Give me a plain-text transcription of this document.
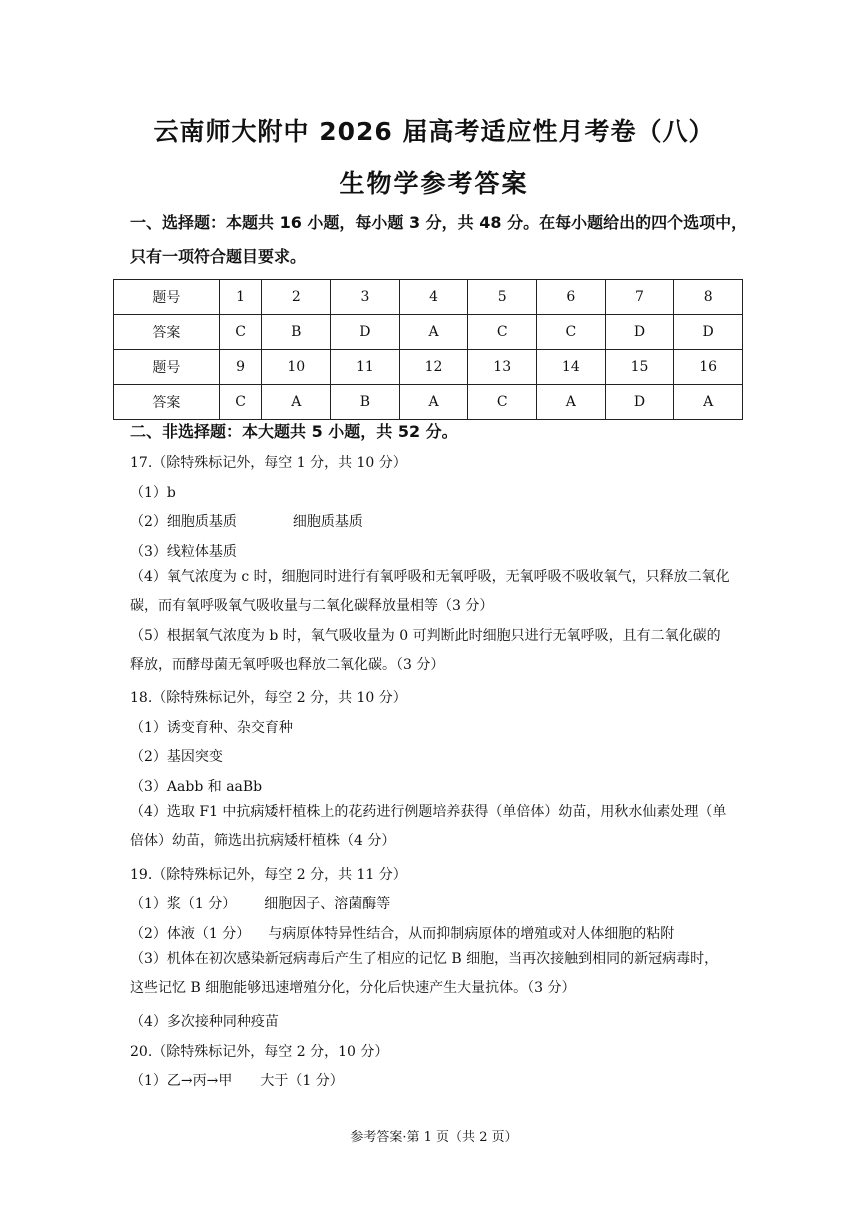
云南师大附中 2026 届高考适应性月考卷（八）
生物学参考答案
一、选择题：本题共 16 小题，每小题 3 分，共 48 分。在每小题给出的四个选项中，只有一项符合题目要求。
题号	1	2	3	4	5	6	7	8
答案	C	B	D	A	C	C	D	D
题号	9	10	11	12	13	14	15	16
答案	C	A	B	A	C	A	D	A
二、非选择题：本大题共 5 小题，共 52 分。
17.（除特殊标记外，每空 1 分，共 10 分）
（1）b
（2）细胞质基质	细胞质基质
（3）线粒体基质
（4）氧气浓度为 c 时，细胞同时进行有氧呼吸和无氧呼吸，无氧呼吸不吸收氧气，只释放二氧化碳，而有氧呼吸氧气吸收量与二氧化碳释放量相等（3 分）
（5）根据氧气浓度为 b 时，氧气吸收量为 0 可判断此时细胞只进行无氧呼吸，且有二氧化碳的释放，而酵母菌无氧呼吸也释放二氧化碳。（3 分）
18.（除特殊标记外，每空 2 分，共 10 分）
（1）诱变育种、杂交育种
（2）基因突变
（3）Aabb 和 aaBb
（4）选取 F1 中抗病矮杆植株上的花药进行例题培养获得（单倍体）幼苗，用秋水仙素处理（单倍体）幼苗，筛选出抗病矮杆植株（4 分）
19.（除特殊标记外，每空 2 分，共 11 分）
（1）浆（1 分） 细胞因子、溶菌酶等
（2）体液（1 分） 与病原体特异性结合，从而抑制病原体的增殖或对人体细胞的粘附
（3）机体在初次感染新冠病毒后产生了相应的记忆 B 细胞，当再次接触到相同的新冠病毒时，这些记忆 B 细胞能够迅速增殖分化，分化后快速产生大量抗体。（3 分）
（4）多次接种同种疫苗
20.（除特殊标记外，每空 2 分，10 分）
（1）乙→丙→甲 大于（1 分）
参考答案·第 1 页（共 2 页）
